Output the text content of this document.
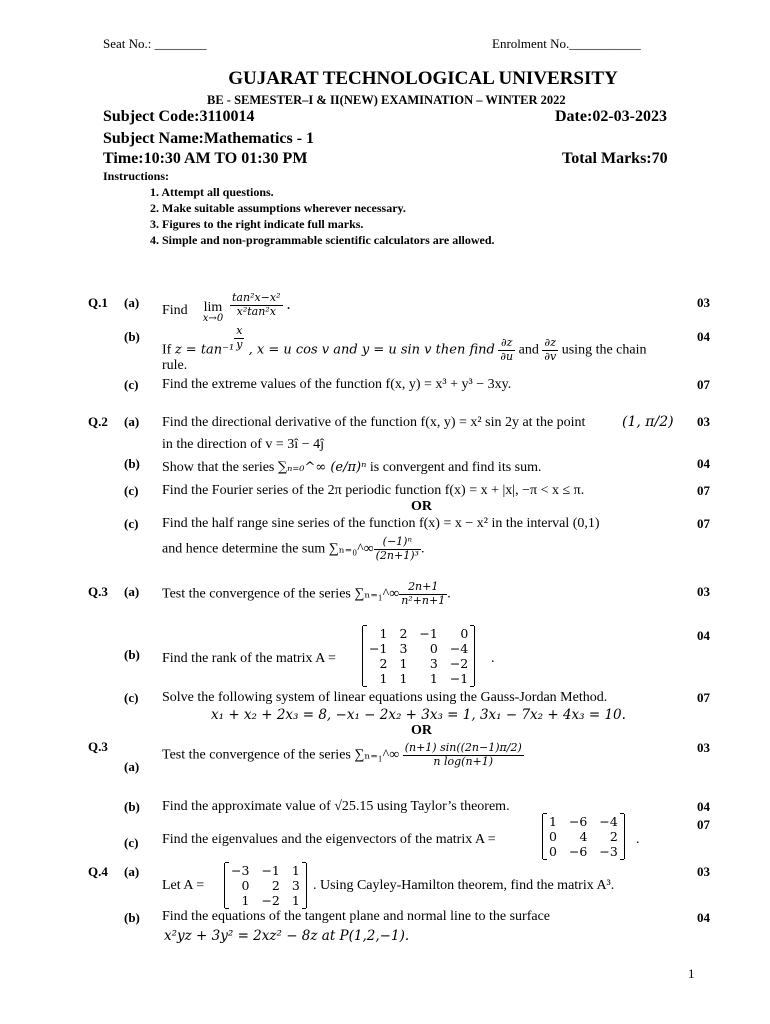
Seat No.: ________	Enrolment No.___________
GUJARAT TECHNOLOGICAL UNIVERSITY
BE - SEMESTER–I & II(NEW) EXAMINATION – WINTER 2022
Subject Code:3110014	Date:02-03-2023
Subject Name:Mathematics - 1
Time:10:30 AM TO 01:30 PM	Total Marks:70
Instructions:
1. Attempt all questions.
2. Make suitable assumptions wherever necessary.
3. Figures to the right indicate full marks.
4. Simple and non-programmable scientific calculators are allowed.
Q.1 (a)
Find	lim
x→0
$\frac{\text{tan²x−x²}}{\text{x²tan²x}}$ .	03
(b)
If $z = \tan^{-1} \frac{x}{y}$ , x = u cos v and y = u sin v then find $\frac{\partial z}{\partial u}$ and $\frac{\partial z}{\partial v}$ using the chain
rule.
04
(c) Find the extreme values of the function f(x, y) = x³ + y³ − 3xy.	07
Q.2 (a) Find the directional derivative of the function f(x, y) = x² sin 2y at the point	(1, π/2)
in the direction of v = 3î − 4ĵ
03
(b) Show that the series ∑ₙ₌₀^∞ (e/π)ⁿ is convergent and find its sum.	04
(c) Find the Fourier series of the 2π periodic function f(x) = x + |x|, −π < x ≤ π.	07
OR
(c) Find the half range sine series of the function f(x) = x − x² in the interval (0,1)
and hence determine the sum ∑ₙ₌₀^∞ $\frac{\text{(−1)ⁿ}}{\text{(2n+1)³}}$ .
07
Q.3 (a) Test the convergence of the series ∑ₙ₌₁^∞ $\frac{2n+1}{\text{n²+n+1}}$ .	03
(b) Find the rank of the matrix A =
1	2	−1	0
−1	3	0	−4
2	1	3	−2
1	1	1	−1
.
04
(c) Solve the following system of linear equations using the Gauss-Jordan Method.
x₁ + x₂ + 2x₃ = 8, −x₁ − 2x₂ + 3x₃ = 1, 3x₁ − 7x₂ + 4x₃ = 10.
07
OR
Q.3
(a)
Test the convergence of the series ∑ₙ₌₁^∞ $\frac{(n+1) \sin((2n-1)\pi/2)}{\text{n log(n+1)}}$	03
(b) Find the approximate value of √25.15 using Taylor’s theorem.	04
(c) Find the eigenvalues and the eigenvectors of the matrix A =
1	−6	−4
0	4	2
0	−6	−3
.
07
Q.4 (a)
Let A =
−3	−1	1
0	2	3
1	−2	1
. Using Cayley-Hamilton theorem, find the matrix A³.
03
(b) Find the equations of the tangent plane and normal line to the surface
x²yz + 3y² = 2xz² − 8z at P(1,2,−1).
04
1
